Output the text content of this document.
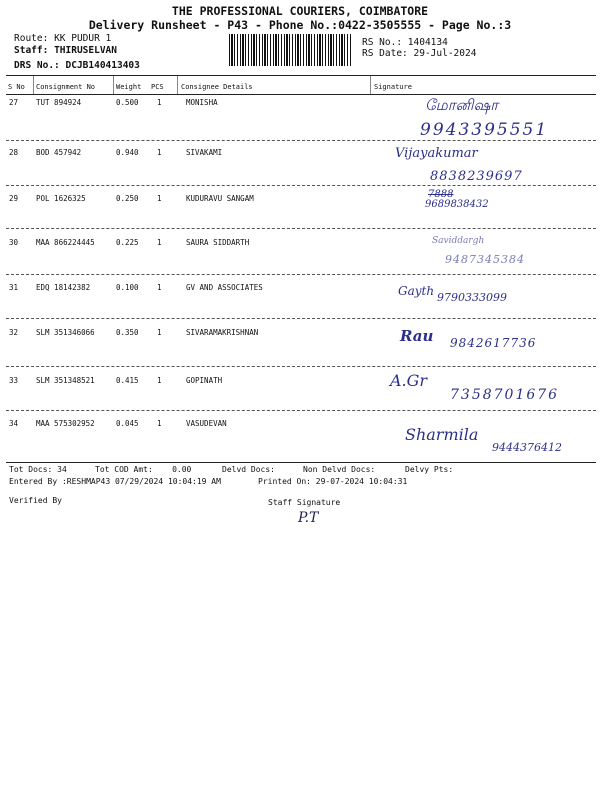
THE PROFESSIONAL COURIERS, COIMBATORE
Delivery Runsheet - P43 - Phone No.:0422-3505555 - Page No.:3
Route: KK PUDUR 1
Staff: THIRUSELVAN
DRS No.: DCJB140413403
RS No.: 1404134
RS Date: 29-Jul-2024
S No Consignment No	Weight PCS Consignee Details	Signature
27 TUT 894924	0.500 1	MONISHA	மோனிஷா
9943395551
28 BOD 457942	0.940 1	SIVAKAMI	Vijayakumar
8838239697
29 POL 1626325	0.250 1	KUDURAVU SANGAM	7888
9689838432
30 MAA 866224445	0.225 1	SAURA SIDDARTH	Saviddargh
9487345384
31 EDQ 18142382	0.100 1	GV AND ASSOCIATES	Gayth 9790333099
32 SLM 351346066	0.350 1	SIVARAMAKRISHNAN	Rau 9842617736
33 SLM 351348521	0.415 1	GOPINATH	A.Gr
7358701676
34 MAA 575302952	0.045 1	VASUDEVAN
Sharmila
9444376412
Tot Docs: 34	Tot COD Amt:    0.00	Delvd Docs:	Non Delvd Docs:	Delvy Pts:
Entered By :RESHMAP43 07/29/2024 10:04:19 AM	Printed On: 29-07-2024 10:04:31
Verified By	Staff Signature
P.T
